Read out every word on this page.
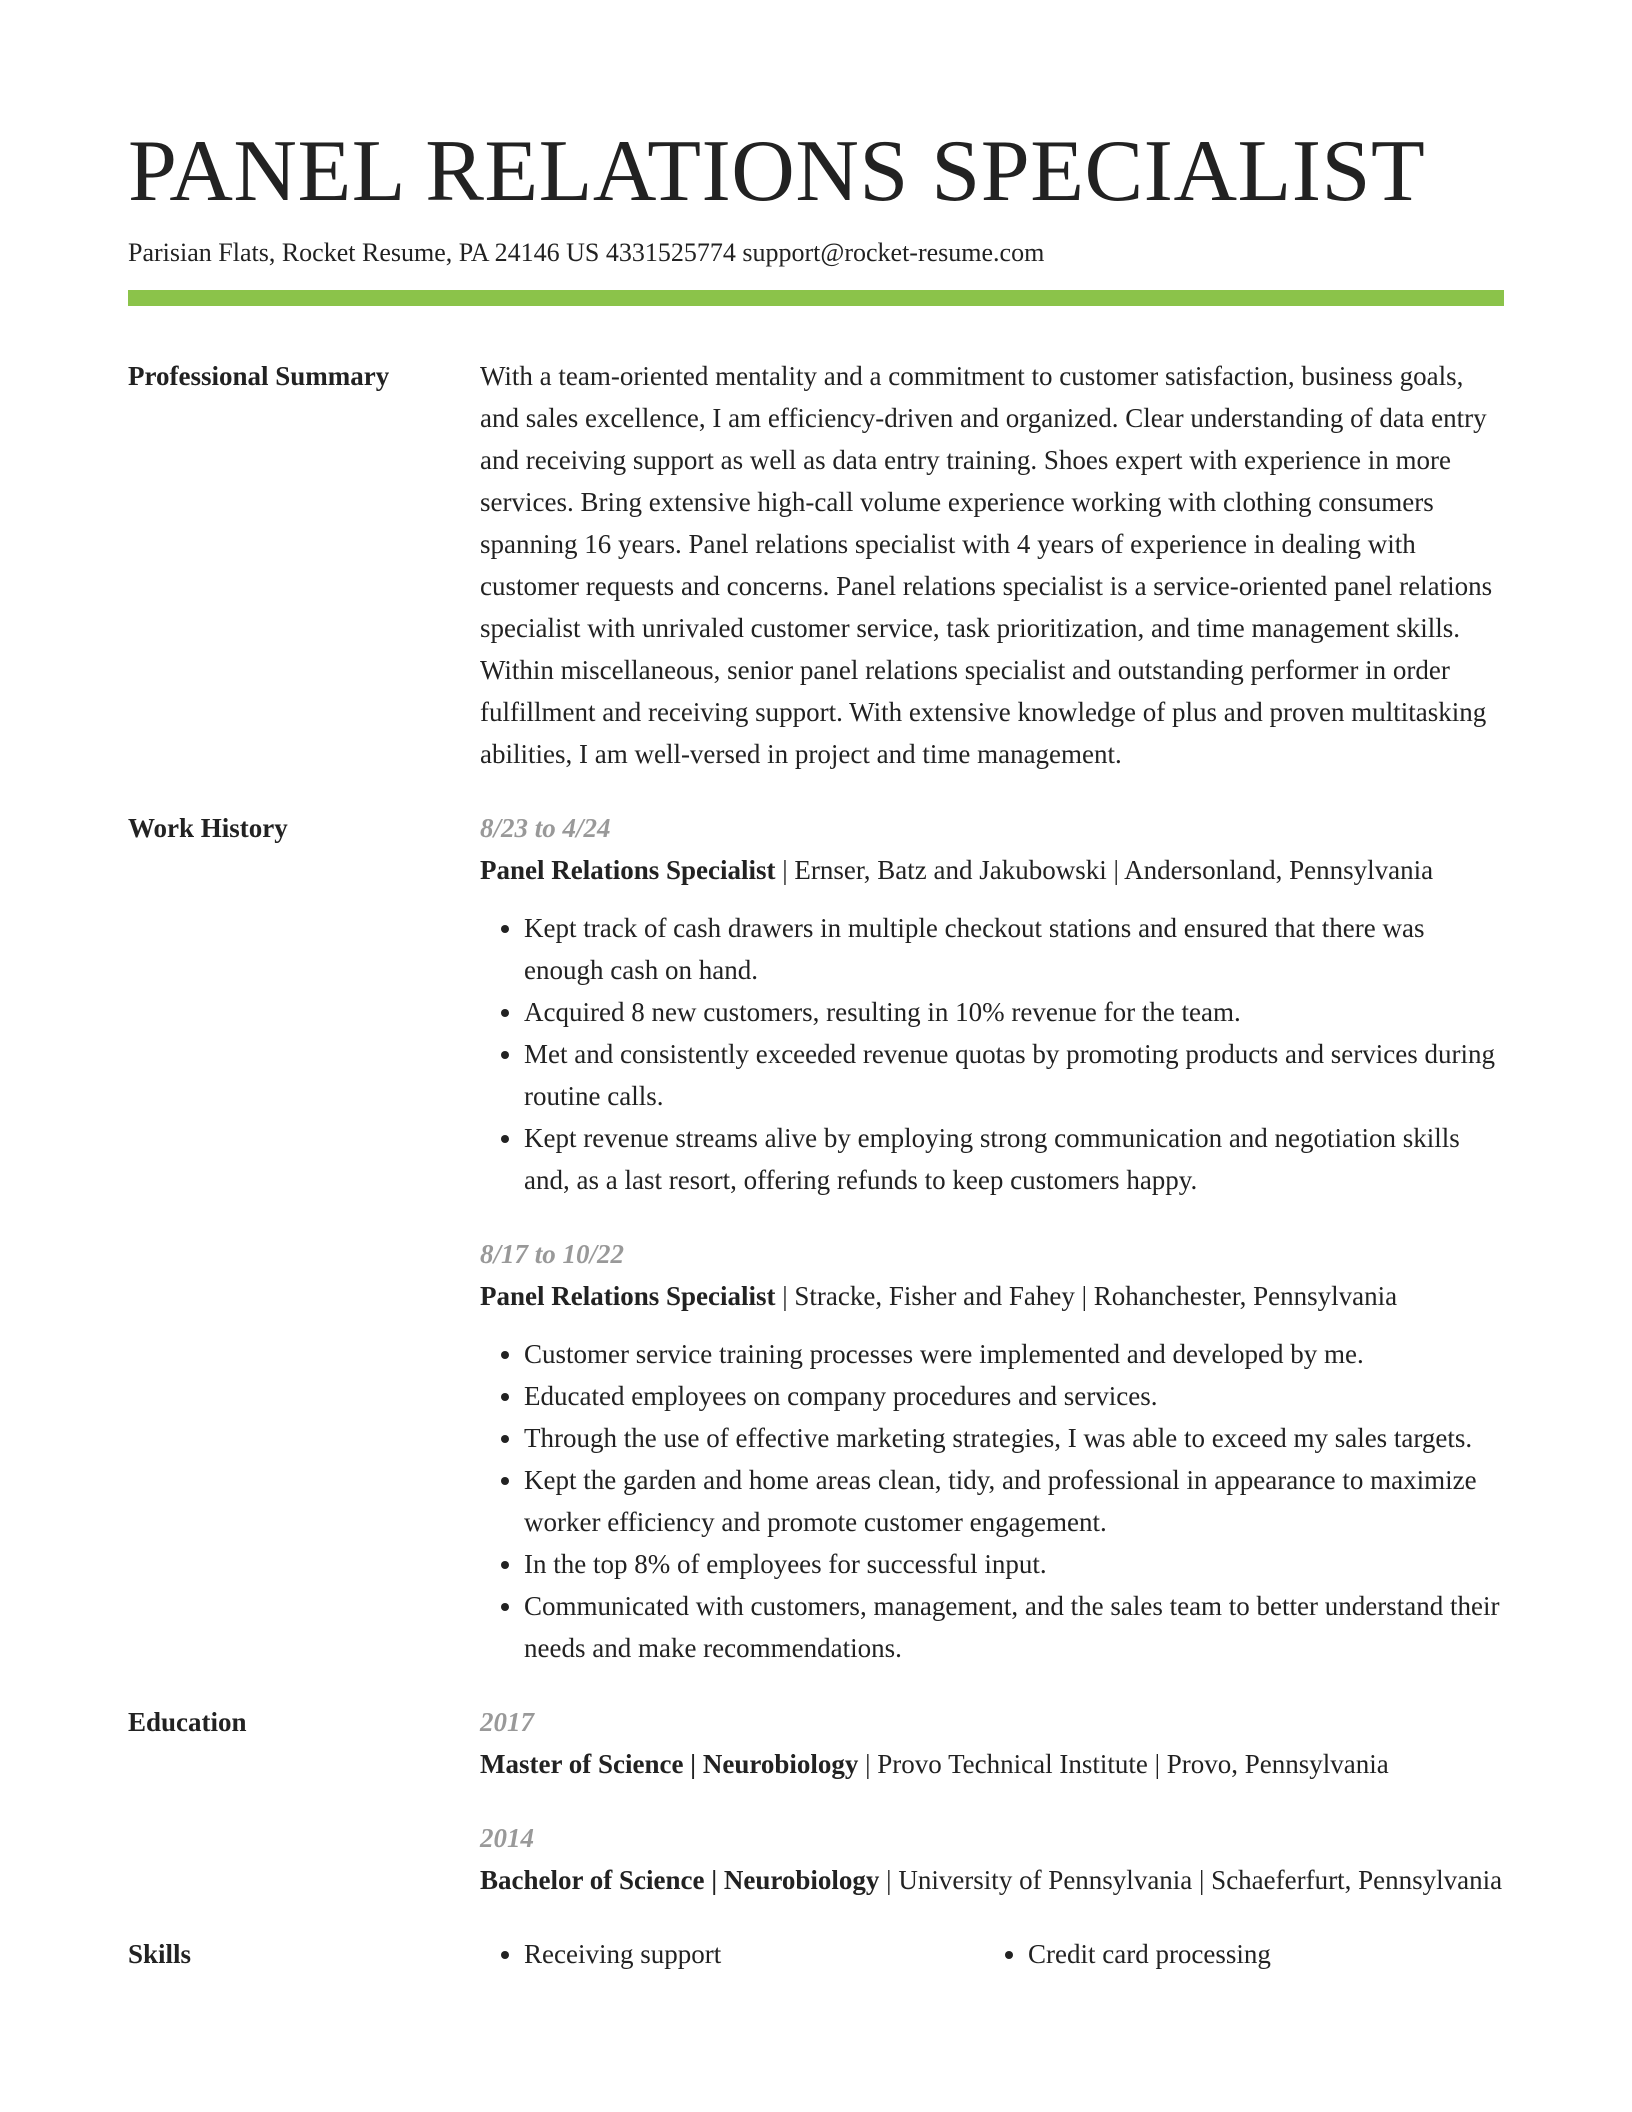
PANEL RELATIONS SPECIALIST
Parisian Flats, Rocket Resume, PA 24146 US 4331525774 support@rocket-resume.com
Professional Summary	With a team-oriented mentality and a commitment to customer satisfaction, business goals, and sales excellence, I am efficiency-driven and organized. Clear understanding of data entry and receiving support as well as data entry training. Shoes expert with experience in more services. Bring extensive high-call volume experience working with clothing consumers spanning 16 years. Panel relations specialist with 4 years of experience in dealing with customer requests and concerns. Panel relations specialist is a service-oriented panel relations specialist with unrivaled customer service, task prioritization, and time management skills. Within miscellaneous, senior panel relations specialist and outstanding performer in order fulfillment and receiving support. With extensive knowledge of plus and proven multitasking abilities, I am well-versed in project and time management.

Work History	8/23 to 4/24
Panel Relations Specialist | Ernser, Batz and Jakubowski | Andersonland, Pennsylvania
• Kept track of cash drawers in multiple checkout stations and ensured that there was enough cash on hand.
• Acquired 8 new customers, resulting in 10% revenue for the team.
• Met and consistently exceeded revenue quotas by promoting products and services during routine calls.
• Kept revenue streams alive by employing strong communication and negotiation skills and, as a last resort, offering refunds to keep customers happy.
8/17 to 10/22
Panel Relations Specialist | Stracke, Fisher and Fahey | Rohanchester, Pennsylvania
• Customer service training processes were implemented and developed by me.
• Educated employees on company procedures and services.
• Through the use of effective marketing strategies, I was able to exceed my sales targets.
• Kept the garden and home areas clean, tidy, and professional in appearance to maximize worker efficiency and promote customer engagement.
• In the top 8% of employees for successful input.
• Communicated with customers, management, and the sales team to better understand their needs and make recommendations.
Education	2017
Master of Science | Neurobiology | Provo Technical Institute | Provo, Pennsylvania
2014
Bachelor of Science | Neurobiology | University of Pennsylvania | Schaeferfurt, Pennsylvania
Skills	• Receiving support	• Credit card processing
